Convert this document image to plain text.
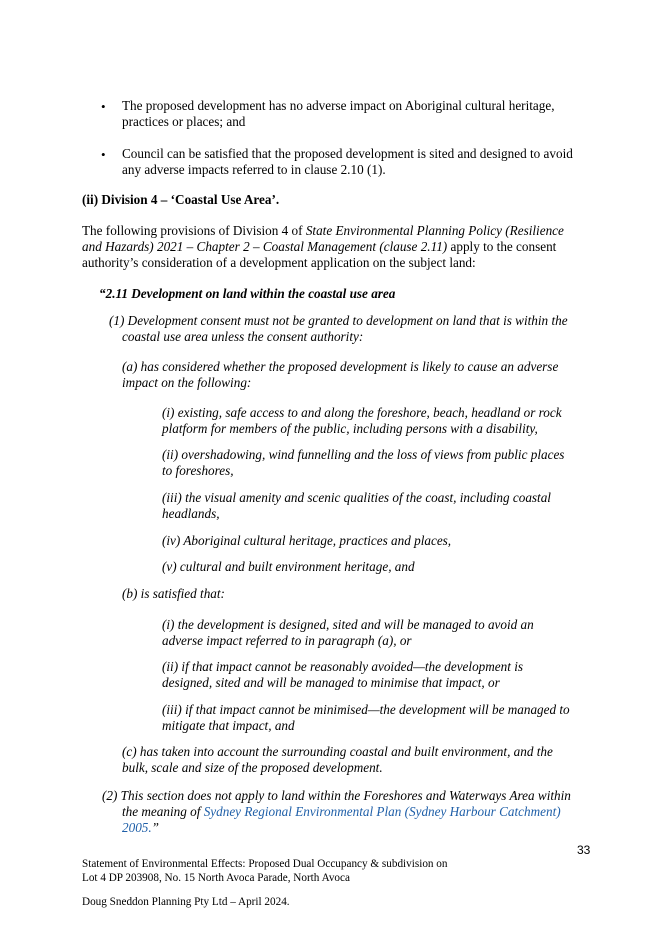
• The proposed development has no adverse impact on Aboriginal cultural heritage,
practices or places; and
• Council can be satisfied that the proposed development is sited and designed to avoid
any adverse impacts referred to in clause 2.10 (1).
(ii) Division 4 – ‘Coastal Use Area’.
The following provisions of Division 4 of State Environmental Planning Policy (Resilience
and Hazards) 2021 – Chapter 2 – Coastal Management (clause 2.11) apply to the consent
authority’s consideration of a development application on the subject land:
“2.11 Development on land within the coastal use area
(1) Development consent must not be granted to development on land that is within the
coastal use area unless the consent authority:
(a) has considered whether the proposed development is likely to cause an adverse
impact on the following:
(i) existing, safe access to and along the foreshore, beach, headland or rock
platform for members of the public, including persons with a disability,
(ii) overshadowing, wind funnelling and the loss of views from public places
to foreshores,
(iii) the visual amenity and scenic qualities of the coast, including coastal
headlands,
(iv) Aboriginal cultural heritage, practices and places,
(v) cultural and built environment heritage, and
(b) is satisfied that:
(i) the development is designed, sited and will be managed to avoid an
adverse impact referred to in paragraph (a), or
(ii) if that impact cannot be reasonably avoided—the development is
designed, sited and will be managed to minimise that impact, or
(iii) if that impact cannot be minimised—the development will be managed to
mitigate that impact, and
(c) has taken into account the surrounding coastal and built environment, and the
bulk, scale and size of the proposed development.
(2) This section does not apply to land within the Foreshores and Waterways Area within
the meaning of Sydney Regional Environmental Plan (Sydney Harbour Catchment)
2005.”
33
Statement of Environmental Effects: Proposed Dual Occupancy & subdivision on
Lot 4 DP 203908, No. 15 North Avoca Parade, North Avoca
Doug Sneddon Planning Pty Ltd – April 2024.
